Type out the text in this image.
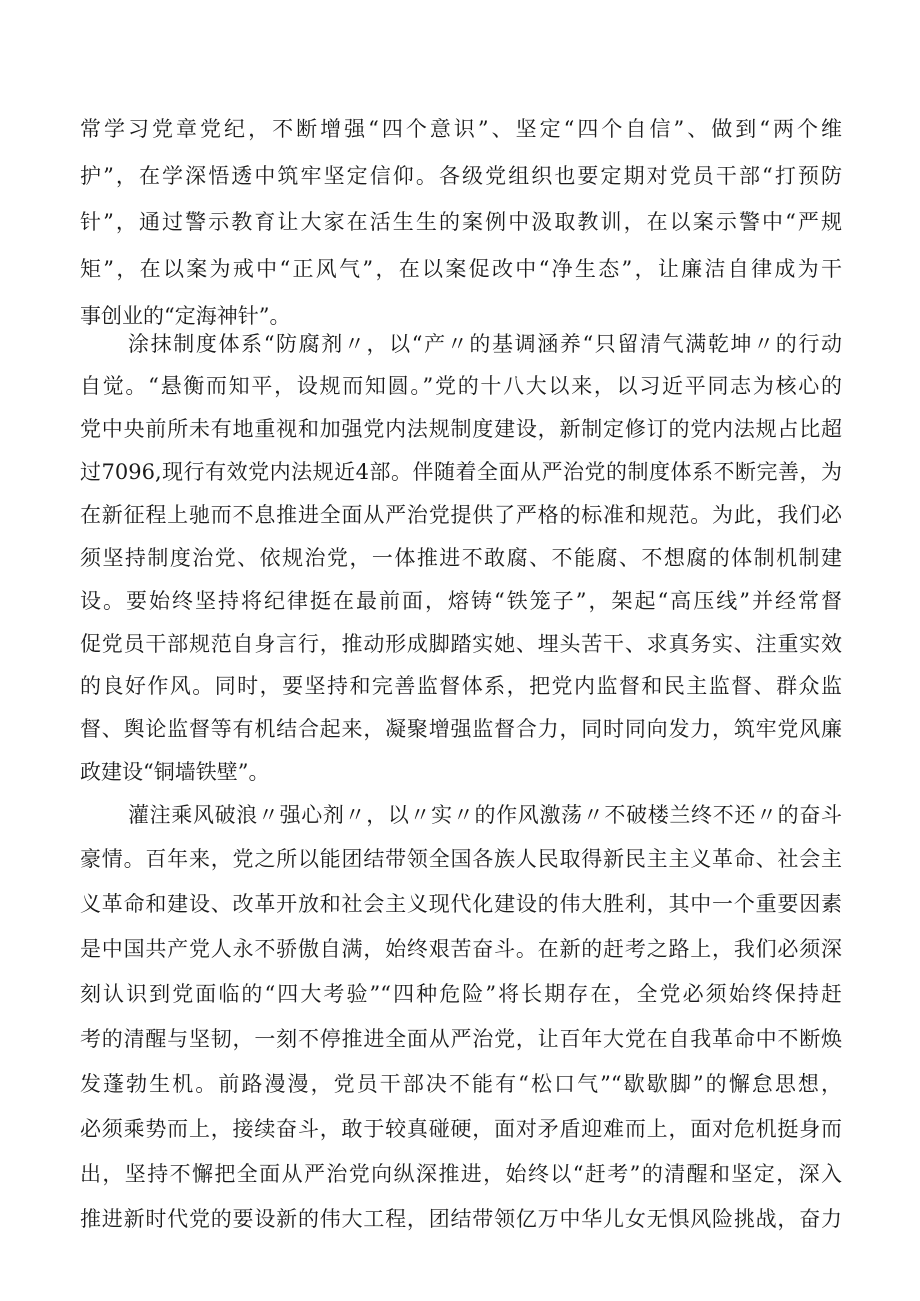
常学习党章党纪，不断增强“四个意识”、坚定“四个自信”、做到“两个维
护”，在学深悟透中筑牢坚定信仰。各级党组织也要定期对党员干部“打预防
针”，通过警示教育让大家在活生生的案例中汲取教训，在以案示警中“严规
矩”，在以案为戒中“正风气”，在以案促改中“净生态”，让廉洁自律成为干
事创业的“定海神针”。
涂抹制度体系“防腐剂〃，以“产〃的基调涵养“只留清气满乾坤〃的行动
自觉。“悬衡而知平，设规而知圆。”党的十八大以来，以习近平同志为核心的
党中央前所未有地重视和加强党内法规制度建设，新制定修订的党内法规占比超
过7096,现行有效党内法规近4部。伴随着全面从严治党的制度体系不断完善，为
在新征程上驰而不息推进全面从严治党提供了严格的标准和规范。为此，我们必
须坚持制度治党、依规治党，一体推进不敢腐、不能腐、不想腐的体制机制建
设。要始终坚持将纪律挺在最前面，熔铸“铁笼子”，架起“高压线”并经常督
促党员干部规范自身言行，推动形成脚踏实她、埋头苦干、求真务实、注重实效
的良好作风。同时，要坚持和完善监督体系，把党内监督和民主监督、群众监
督、舆论监督等有机结合起来，凝聚增强监督合力，同时同向发力，筑牢党风廉
政建设“铜墙铁壁”。
灌注乘风破浪〃强心剂〃，以〃实〃的作风激荡〃不破楼兰终不还〃的奋斗
豪情。百年来，党之所以能团结带领全国各族人民取得新民主主义革命、社会主
义革命和建设、改革开放和社会主义现代化建设的伟大胜利，其中一个重要因素
是中国共产党人永不骄傲自满，始终艰苦奋斗。在新的赶考之路上，我们必须深
刻认识到党面临的“四大考验”“四种危险”将长期存在，全党必须始终保持赶
考的清醒与坚韧，一刻不停推进全面从严治党，让百年大党在自我革命中不断焕
发蓬勃生机。前路漫漫，党员干部决不能有“松口气”“歇歇脚”的懈怠思想，
必须乘势而上，接续奋斗，敢于较真碰硬，面对矛盾迎难而上，面对危机挺身而
出，坚持不懈把全面从严治党向纵深推进，始终以“赶考”的清醒和坚定，深入
推进新时代党的要设新的伟大工程，团结带领亿万中华儿女无惧风险挑战，奋力
